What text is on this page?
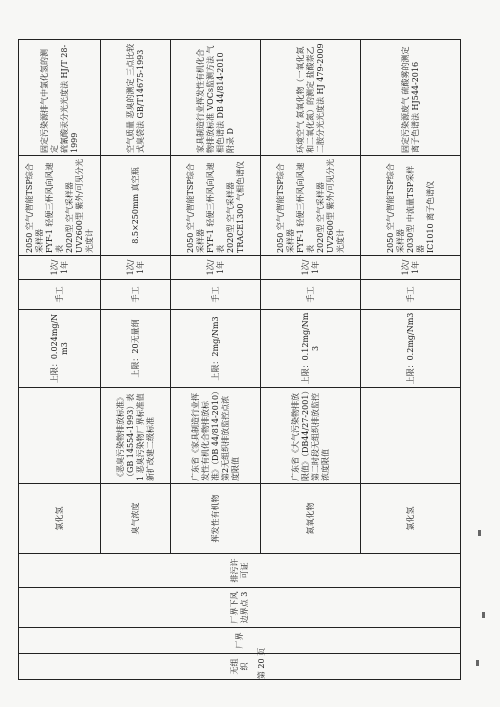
无组织	厂界	厂界下风边界点 3	排污许可证	氯化氢		上限：0.024mg/Nm3	手工	1次/1年	2050 空气/智能TSP综合采样器
FYF-1 轻便三杯风向风速表
2020型 空气采样器
UV2600型 紫外/可见分光光度计	固定污染源排气中氯化氢的测定
硫氰酸汞分光光度法 HJ/T 28-1999
				臭气浓度	《恶臭污染物排放标准》（GB 14554-1993）表 1 恶臭污染物厂界标准值新扩改建二级标准	上限：20无量纲	手工	1次/1年	8.5×250mm 真空瓶	空气质量 恶臭的测定 三点比较式臭袋法 GB/T14675-1993
				挥发性有机物	广东省《家具制造行业挥发性有机化合物排放标准》（DB 44/814-2010）第2无组织排放监控点浓度限值	上限：2mg/Nm3	手工	1次/1年	2050 空气/智能TSP综合采样器
FYF-1 轻便三杯风向风速表
2020型 空气采样器
TRACE1300 气相色谱仪	家具制造行业挥发性有机化合物排放标准 VOCs监测方法 气相色谱法 DB 44/814-2010 附录 D
				氮氧化物	广东省《大气污染物排放限值》（DB44/27-2001）第二时段无组织排放监控浓度限值	上限：0.12mg/Nm3	手工	1次/1年	2050 空气/智能TSP综合采样器
FYF-1 轻便三杯风向风速表
2020型 空气采样器
UV2600型 紫外/可见分光光度计	环境空气 氮氧化物（一氧化氮和二氧化氮）的测定 盐酸萘乙二胺分光光度法 HJ 479-2009
				氯化氢		上限：0.2mg/Nm3	手工	1次/1年	2050 空气/智能TSP综合采样器
2030型 中流量TSP采样器
IC1010 离子色谱仪	固定污染源废气 硫酸雾的测定
离子色谱法 HJ544-2016
第 20 页
